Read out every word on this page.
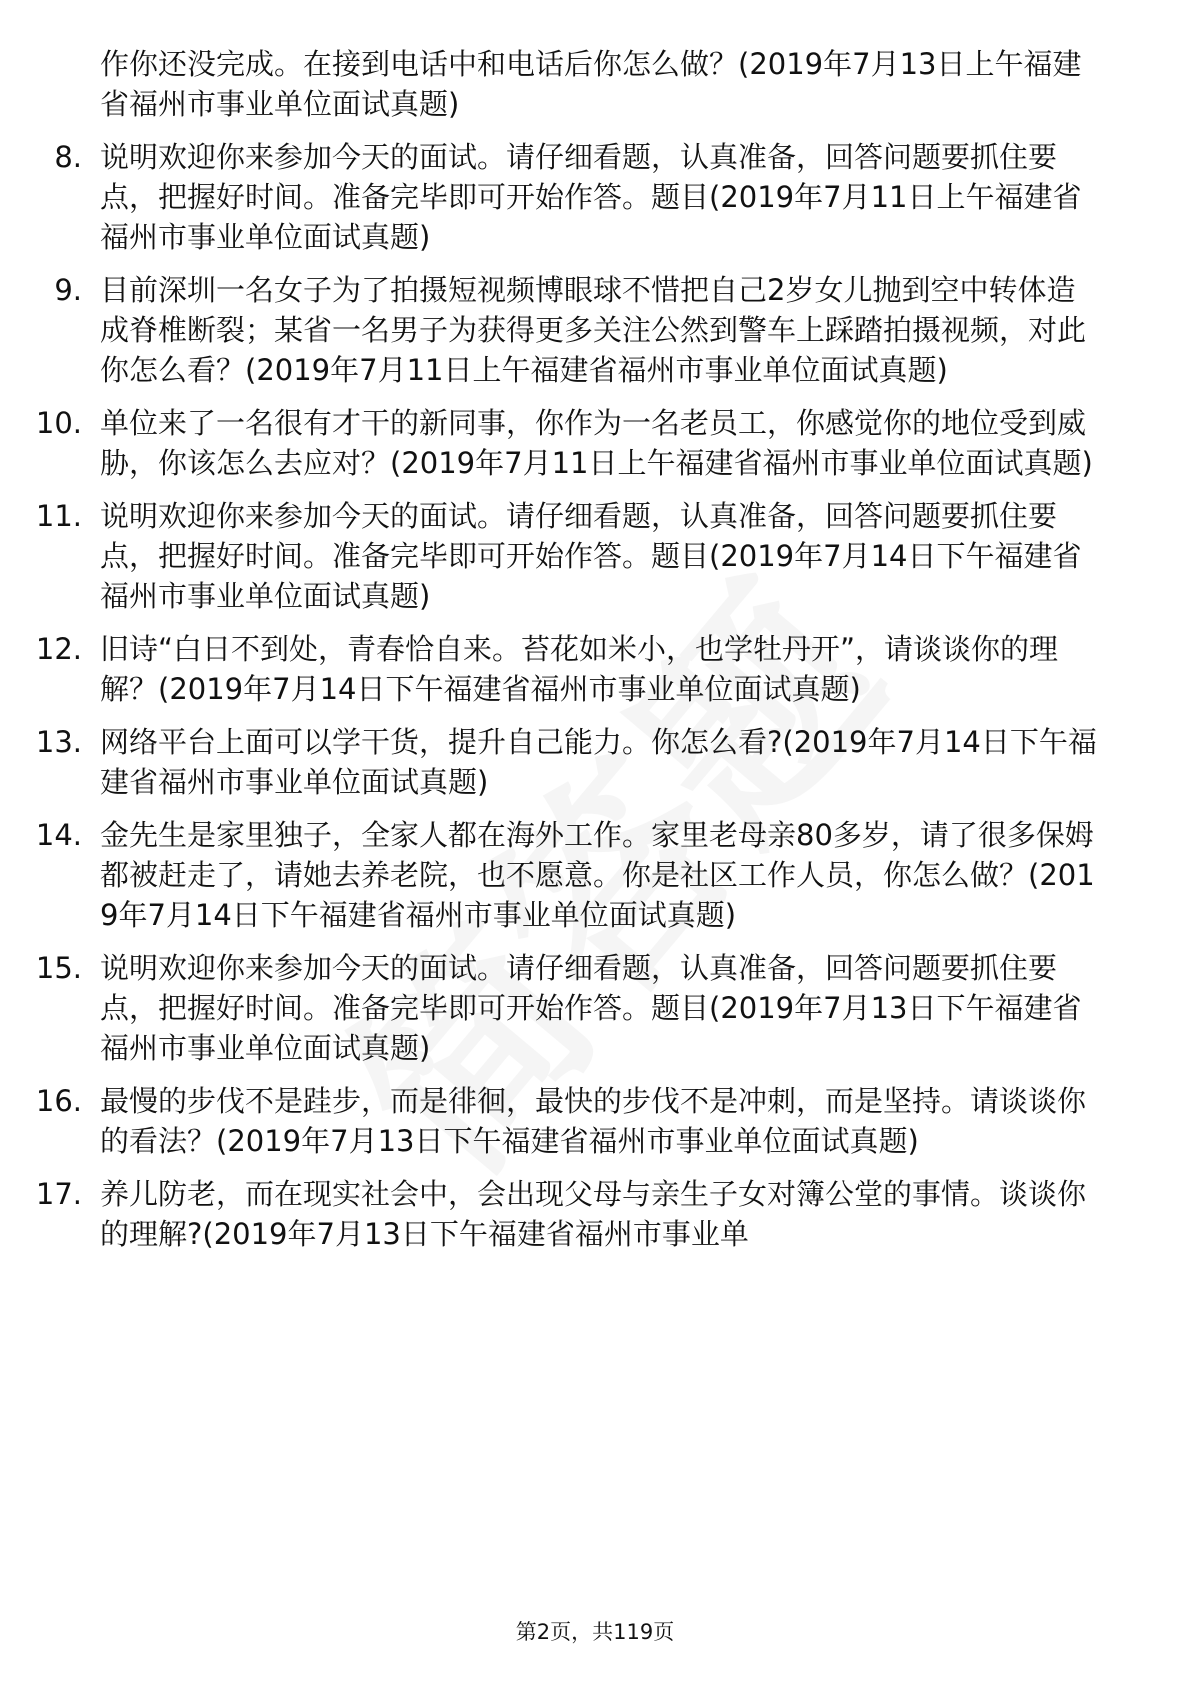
作你还没完成。在接到电话中和电话后你怎么做？(2019年7月13日上午福建省福州市事业单位面试真题)
8. 说明欢迎你来参加今天的面试。请仔细看题，认真准备，回答问题要抓住要点，把握好时间。准备完毕即可开始作答。题目(2019年7月11日上午福建省福州市事业单位面试真题)
9. 目前深圳一名女子为了拍摄短视频博眼球不惜把自己2岁女儿抛到空中转体造成脊椎断裂；某省一名男子为获得更多关注公然到警车上踩踏拍摄视频，对此你怎么看？(2019年7月11日上午福建省福州市事业单位面试真题)
10. 单位来了一名很有才干的新同事，你作为一名老员工，你感觉你的地位受到威胁，你该怎么去应对？(2019年7月11日上午福建省福州市事业单位面试真题)
11. 说明欢迎你来参加今天的面试。请仔细看题，认真准备，回答问题要抓住要点，把握好时间。准备完毕即可开始作答。题目(2019年7月14日下午福建省福州市事业单位面试真题)
12. 旧诗“白日不到处，青春恰自来。苔花如米小，也学牡丹开”，请谈谈你的理解？(2019年7月14日下午福建省福州市事业单位面试真题)
13. 网络平台上面可以学干货，提升自己能力。你怎么看?(2019年7月14日下午福建省福州市事业单位面试真题)
14. 金先生是家里独子，全家人都在海外工作。家里老母亲80多岁，请了很多保姆都被赶走了，请她去养老院，也不愿意。你是社区工作人员，你怎么做？(2019年7月14日下午福建省福州市事业单位面试真题)
15. 说明欢迎你来参加今天的面试。请仔细看题，认真准备，回答问题要抓住要点，把握好时间。准备完毕即可开始作答。题目(2019年7月13日下午福建省福州市事业单位面试真题)
16. 最慢的步伐不是跬步，而是徘徊，最快的步伐不是冲刺，而是坚持。请谈谈你的看法？(2019年7月13日下午福建省福州市事业单位面试真题)
17. 养儿防老，而在现实社会中，会出现父母与亲生子女对簿公堂的事情。谈谈你的理解?(2019年7月13日下午福建省福州市事业单
第2页，共119页
